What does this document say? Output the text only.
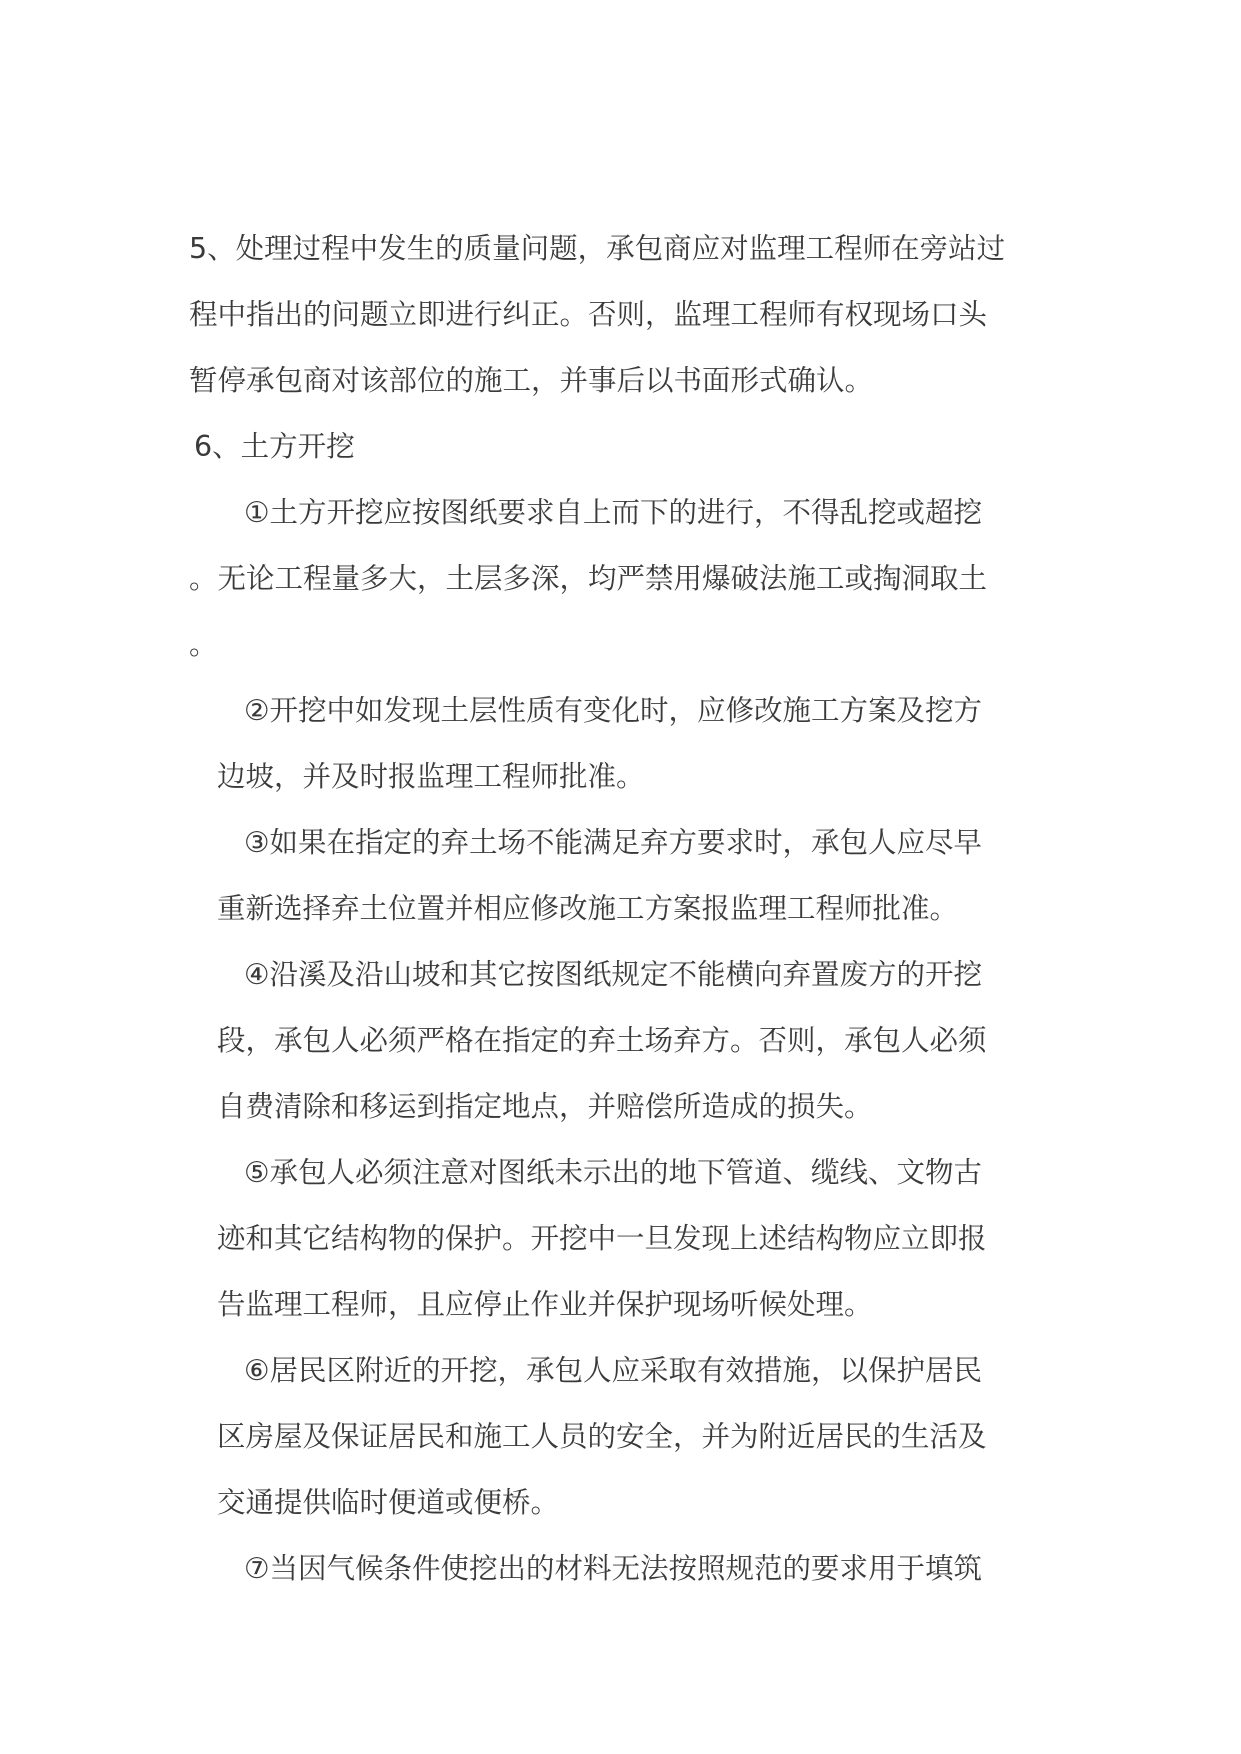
5、处理过程中发生的质量问题，承包商应对监理工程师在旁站过
程中指出的问题立即进行纠正。否则，监理工程师有权现场口头
暂停承包商对该部位的施工，并事后以书面形式确认。
6、土方开挖
①土方开挖应按图纸要求自上而下的进行，不得乱挖或超挖
。无论工程量多大，土层多深，均严禁用爆破法施工或掏洞取土
。
②开挖中如发现土层性质有变化时，应修改施工方案及挖方
边坡，并及时报监理工程师批准。
③如果在指定的弃土场不能满足弃方要求时，承包人应尽早
重新选择弃土位置并相应修改施工方案报监理工程师批准。
④沿溪及沿山坡和其它按图纸规定不能横向弃置废方的开挖
段，承包人必须严格在指定的弃土场弃方。否则，承包人必须
自费清除和移运到指定地点，并赔偿所造成的损失。
⑤承包人必须注意对图纸未示出的地下管道、缆线、文物古
迹和其它结构物的保护。开挖中一旦发现上述结构物应立即报
告监理工程师，且应停止作业并保护现场听候处理。
⑥居民区附近的开挖，承包人应采取有效措施，以保护居民
区房屋及保证居民和施工人员的安全，并为附近居民的生活及
交通提供临时便道或便桥。
⑦当因气候条件使挖出的材料无法按照规范的要求用于填筑
